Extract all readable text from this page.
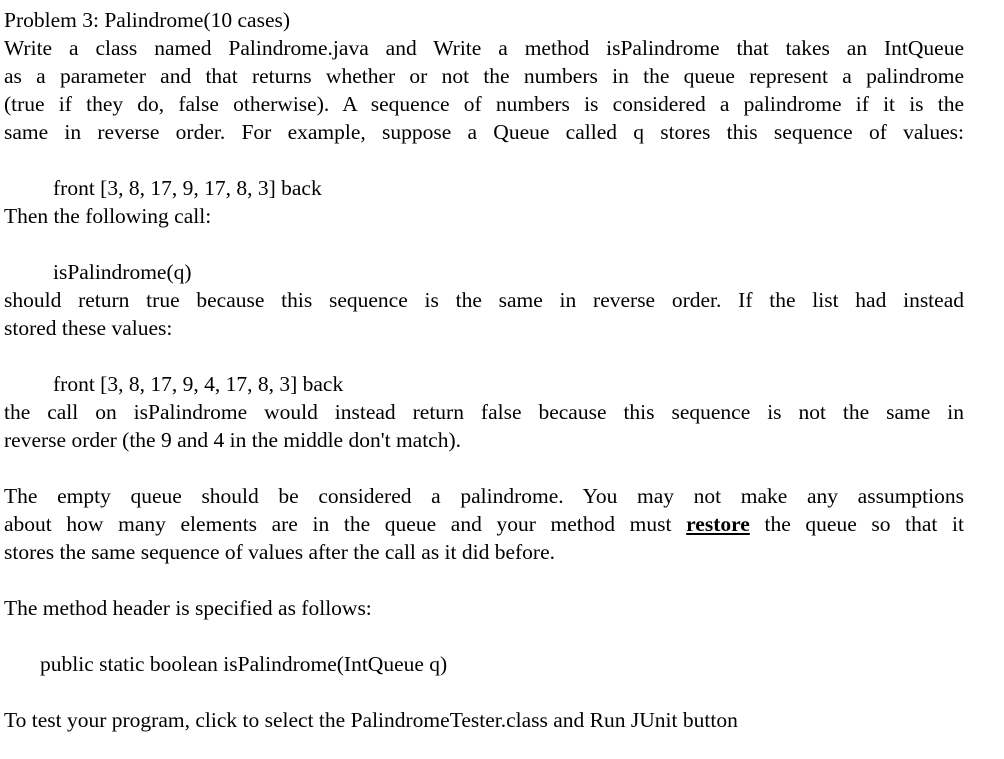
Problem 3: Palindrome(10 cases)
Write a class named Palindrome.java and Write a method isPalindrome that takes an IntQueue
as a parameter and that returns whether or not the numbers in the queue represent a palindrome
(true if they do, false otherwise). A sequence of numbers is considered a palindrome if it is the
same in reverse order. For example, suppose a Queue called q stores this sequence of values:
front [3, 8, 17, 9, 17, 8, 3] back
Then the following call:
isPalindrome(q)
should return true because this sequence is the same in reverse order. If the list had instead
stored these values:
front [3, 8, 17, 9, 4, 17, 8, 3] back
the call on isPalindrome would instead return false because this sequence is not the same in
reverse order (the 9 and 4 in the middle don't match).
The empty queue should be considered a palindrome. You may not make any assumptions
about how many elements are in the queue and your method must restore the queue so that it
stores the same sequence of values after the call as it did before.
The method header is specified as follows:
public static boolean isPalindrome(IntQueue q)
To test your program, click to select the PalindromeTester.class and Run JUnit button
